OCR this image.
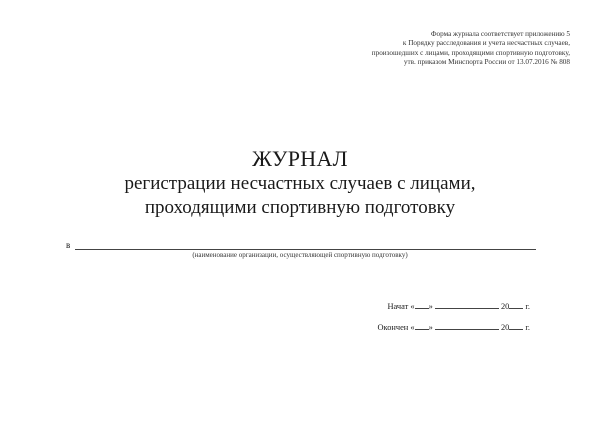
Форма журнала соответствует приложению 5
к Порядку расследования и учета несчастных случаев,
произошедших с лицами, проходящими спортивную подготовку,
утв. приказом Минспорта России от 13.07.2016 № 808
ЖУРНАЛ
регистрации несчастных случаев с лицами,
проходящими спортивную подготовку
в
(наименование организации, осуществляющей спортивную подготовку)
Начат « »	20 г.
Окончен « »	20 г.
